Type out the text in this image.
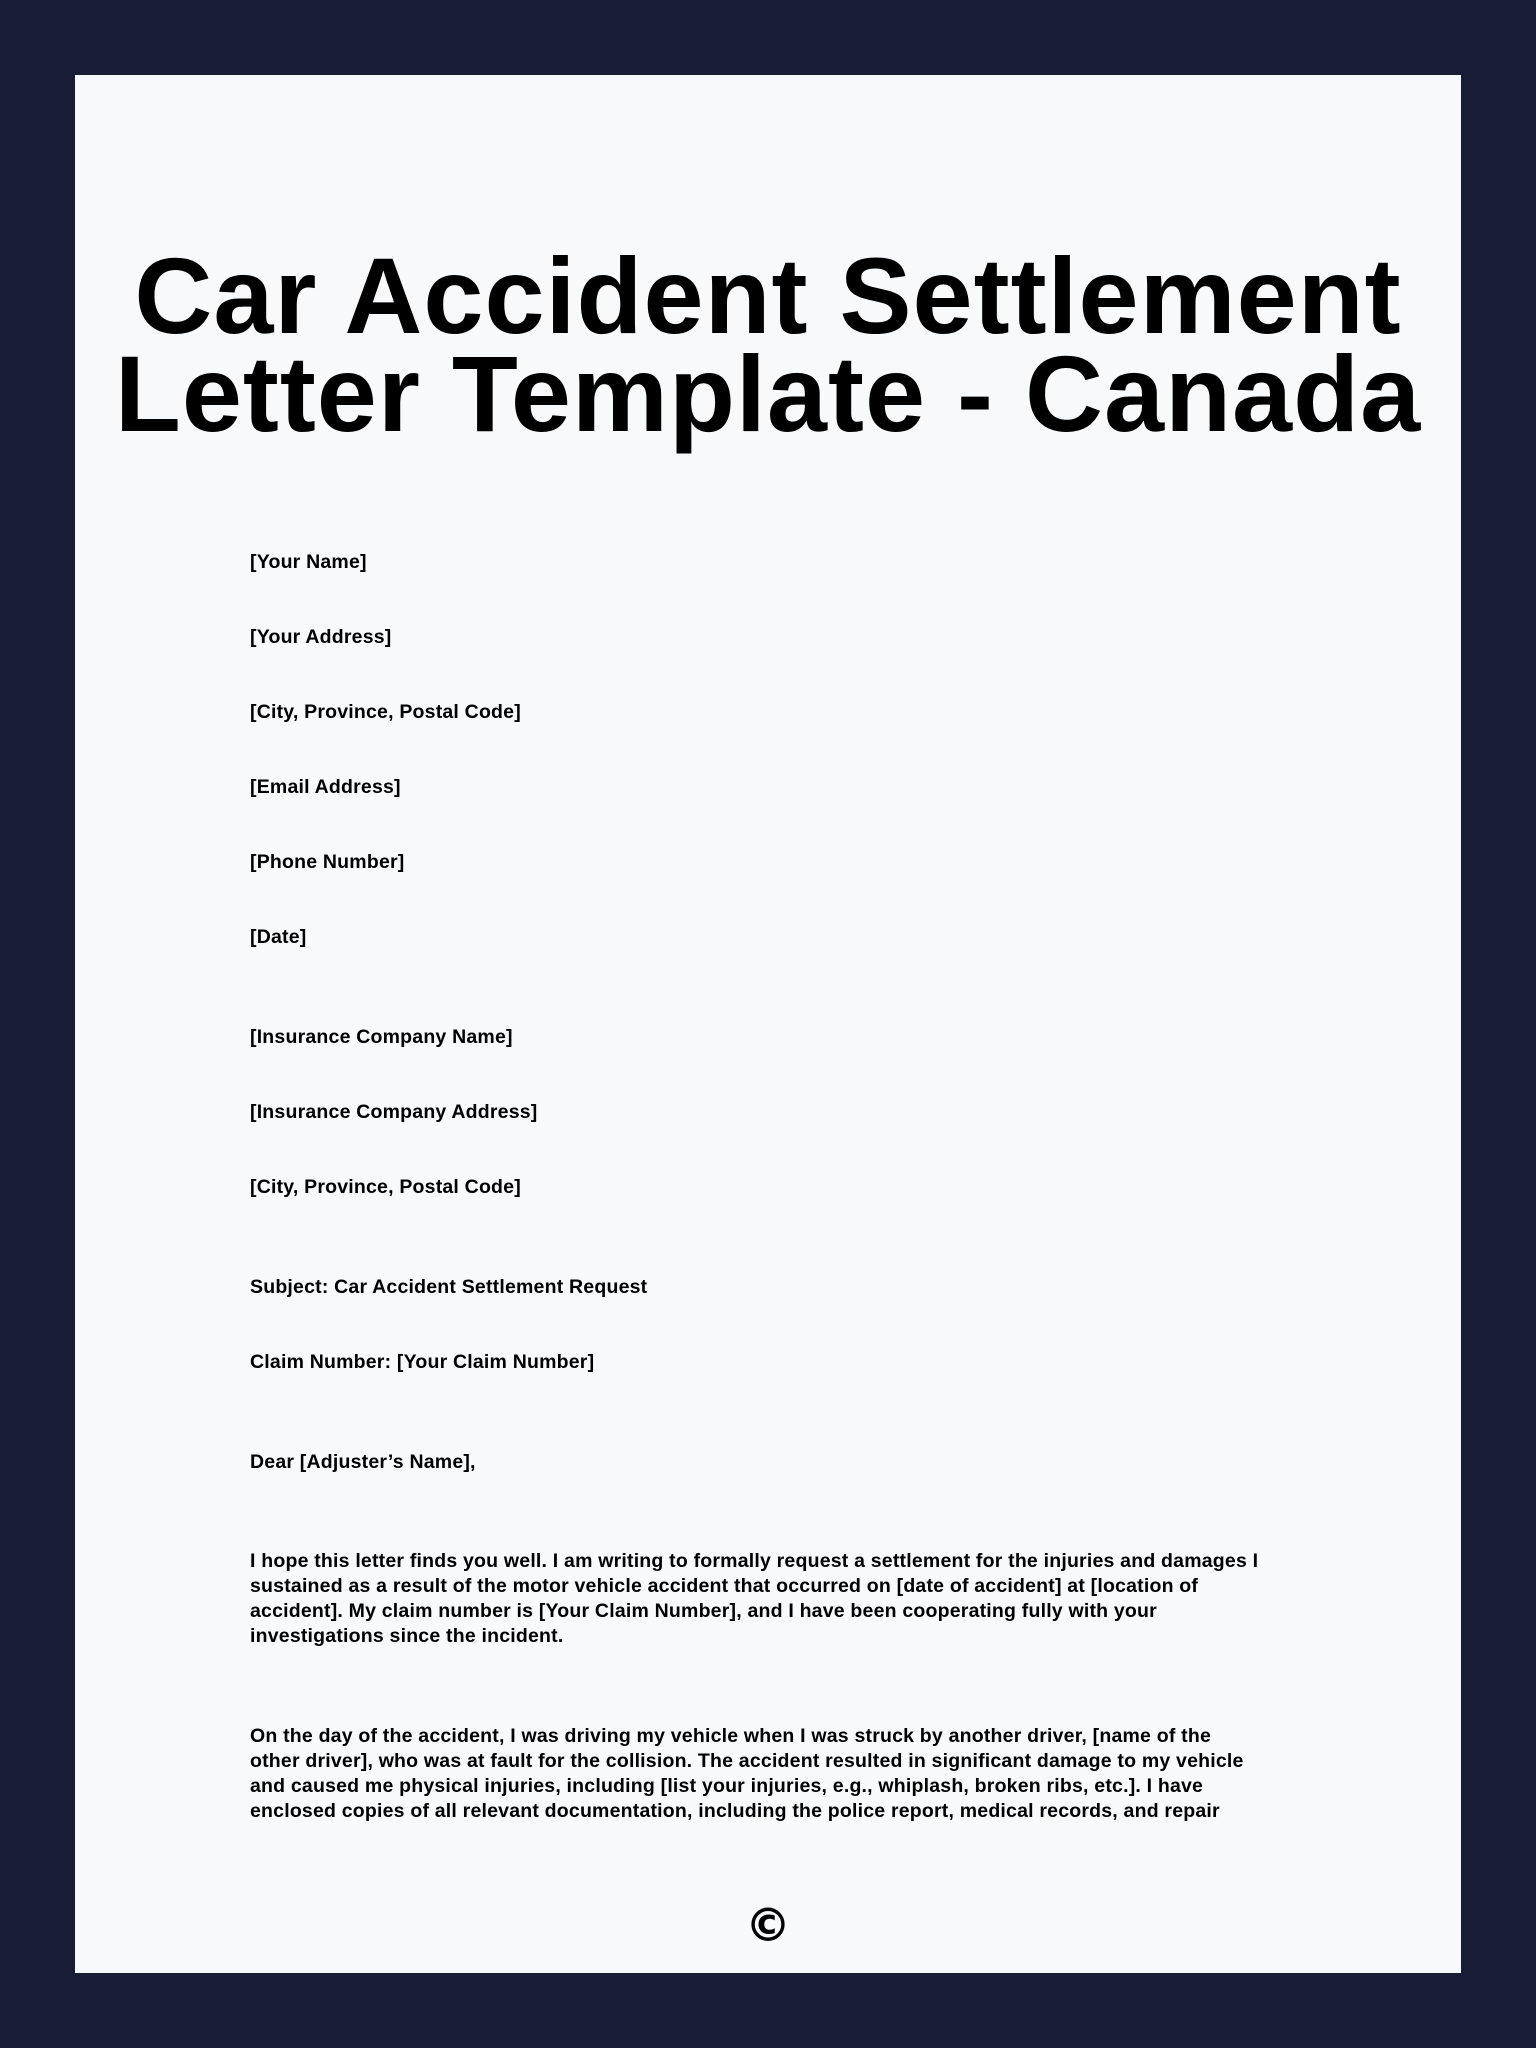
Car Accident Settlement
Letter Template - Canada
[Your Name]
[Your Address]
[City, Province, Postal Code]
[Email Address]
[Phone Number]
[Date]
[Insurance Company Name]
[Insurance Company Address]
[City, Province, Postal Code]
Subject: Car Accident Settlement Request
Claim Number: [Your Claim Number]
Dear [Adjuster’s Name],
I hope this letter finds you well. I am writing to formally request a settlement for the injuries and damages I
sustained as a result of the motor vehicle accident that occurred on [date of accident] at [location of
accident]. My claim number is [Your Claim Number], and I have been cooperating fully with your
investigations since the incident.
On the day of the accident, I was driving my vehicle when I was struck by another driver, [name of the
other driver], who was at fault for the collision. The accident resulted in significant damage to my vehicle
and caused me physical injuries, including [list your injuries, e.g., whiplash, broken ribs, etc.]. I have
enclosed copies of all relevant documentation, including the police report, medical records, and repair
©
